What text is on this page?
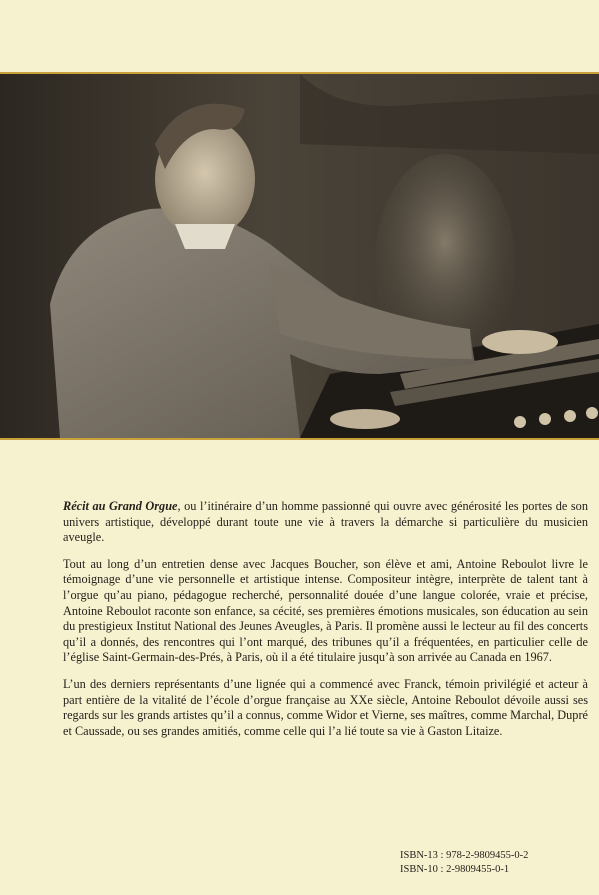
Récit au Grand Orgue, ou l’itinéraire d’un homme passionné qui ouvre avec générosité les portes de son univers artistique, développé durant toute une vie à travers la démarche si particulière du musicien aveugle.

Tout au long d’un entretien dense avec Jacques Boucher, son élève et ami, Antoine Reboulot livre le témoignage d’une vie personnelle et artistique intense. Compositeur intègre, interprète de talent tant à l’orgue qu’au piano, pédagogue recherché, personnalité douée d’une langue colorée, vraie et précise, Antoine Reboulot raconte son enfance, sa cécité, ses premières émotions musicales, son éducation au sein du prestigieux Institut National des Jeunes Aveugles, à Paris. Il promène aussi le lecteur au fil des concerts qu’il a donnés, des rencontres qui l’ont marqué, des tribunes qu’il a fréquentées, en particulier celle de l’église Saint-Germain-des-Prés, à Paris, où il a été titulaire jusqu’à son arrivée au Canada en 1967.

L’un des derniers représentants d’une lignée qui a commencé avec Franck, témoin privilégié et acteur à part entière de la vitalité de l’école d’orgue française au XXe siècle, Antoine Reboulot dévoile aussi ses regards sur les grands artistes qu’il a connus, comme Widor et Vierne, ses maîtres, comme Marchal, Dupré et Caussade, ou ses grandes amitiés, comme celle qui l’a lié toute sa vie à Gaston Litaize.

ISBN-13 : 978-2-9809455-0-2
ISBN-10 : 2-9809455-0-1
